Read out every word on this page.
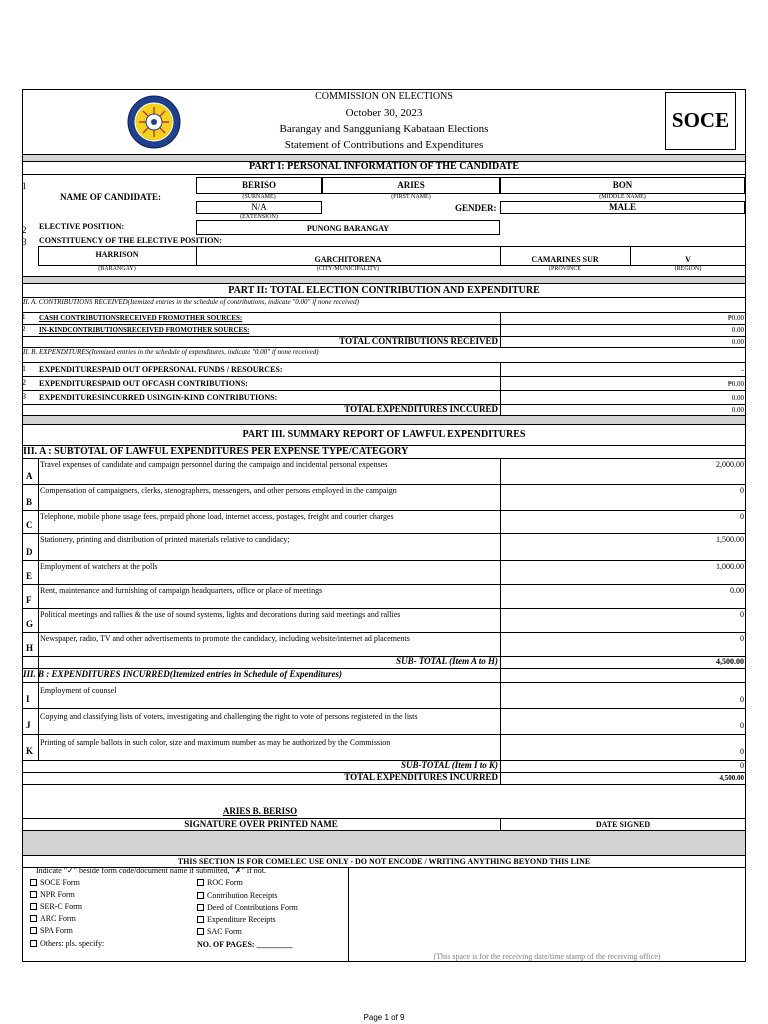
COMMISSION ON ELECTIONS
October 30, 2023
Barangay and Sangguniang Kabataan Elections
Statement of Contributions and Expenditures
SOCE
PART I: PERSONAL INFORMATION OF THE CANDIDATE
1
NAME OF CANDIDATE:
BERISO
(SURNAME)
ARIES
(FIRST NAME)
BON
(MIDDLE NAME)
N/A
(EXTENSION)
GENDER:	MALE
2 ELECTIVE POSITION:	PUNONG BARANGAY
3 CONSTITUENCY OF THE ELECTIVE POSITION:
HARRISON
GARCHITORENA	CAMARINES SUR	V
(BARANGAY)	(CITY/MUNICIPALITY)	(PROVINCE	(REGION)
PART II: TOTAL ELECTION CONTRIBUTION AND EXPENDITURE
II. A. CONTRIBUTIONS RECEIVED(Itemized entries in the schedule of contributions, indicate "0.00" if none received)
1 CASH CONTRIBUTIONSRECEIVED FROMOTHER SOURCES:	₱0.00
2 IN-KINDCONTRIBUTIONSRECEIVED FROMOTHER SOURCES:	0.00
TOTAL CONTRIBUTIONS RECEIVED	0.00
II. B. EXPENDITURES(Itemized entries in the schedule of expenditures, indicate "0.00" if none received)
1 EXPENDITURESPAID OUT OFPERSONAL FUNDS / RESOURCES:	-
2 EXPENDITURESPAID OUT OFCASH CONTRIBUTIONS:	₱0.00
3 EXPENDITURESINCURRED USINGIN-KIND CONTRIBUTIONS:	0.00
TOTAL EXPENDITURES INCCURED	0.00
PART III. SUMMARY REPORT OF LAWFUL EXPENDITURES
III. A : SUBTOTAL OF LAWFUL EXPENDITURES PER EXPENSE TYPE/CATEGORY
A
Travel expenses of candidate and campaign personnel during the campaign and incidental personal expenses	2,000.00
B
Compensation of campaigners, clerks, stenographers, messengers, and other persons employed in the campaign	0
C
Telephone, mobile phone usage fees, prepaid phone load, internet access, postages, freight and courier charges	0
D
Stationery, printing and distribution of printed materials relative to candidacy;	1,500.00
E
Employment of watchers at the polls	1,000.00
F
Rent, maintenance and furnishing of campaign headquarters, office or place of meetings	0.00
G
Political meetings and rallies & the use of sound systems, lights and decorations during said meetings and rallies	0
H
Newspaper, radio, TV and other advertisements to promote the candidacy, including website/internet ad placements	0
SUB- TOTAL (Item A to H)	4,500.00
III. B : EXPENDITURES INCURRED(Itemized entries in Schedule of Expenditures)
I
Employment of counsel
0
J
Copying and classifying lists of voters, investigating and challenging the right to vote of persons registered in the lists
0
K
Printing of sample ballots in such color, size and maximum number as may be authorized by the Commission
0
SUB-TOTAL (Item I to K)	0
TOTAL EXPENDITURES INCURRED	4,500.00
ARIES B. BERISO
SIGNATURE OVER PRINTED NAME	DATE SIGNED
THIS SECTION IS FOR COMELEC USE ONLY - DO NOT ENCODE / WRITING ANYTHING BEYOND THIS LINE
Indicate "✓" beside form code/document name if submitted, "✗" if not.
SOCE Form
NPR Form
SER-C Form
ARC Form
SPA Form
Others: pls. specify:
ROC Form
Contribution Receipts
Deed of Contributions Form
Expenditure Receipts
SAC Form
NO. OF PAGES: _________
(This space is for the receiving date/time stamp of the receiving office)
Page 1 of 9
